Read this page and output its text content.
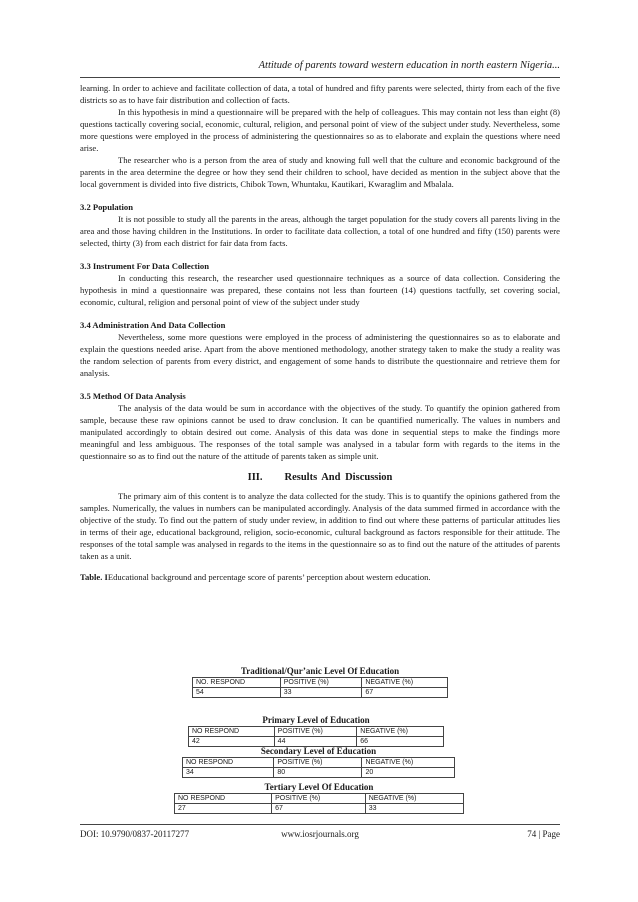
Attitude of parents toward western education in north eastern Nigeria...

learning. In order to achieve and facilitate collection of data, a total of hundred and fifty parents were selected, thirty from each of the five districts so as to have fair distribution and collection of facts.

In this hypothesis in mind a questionnaire will be prepared with the help of colleagues. This may contain not less than eight (8) questions tactically covering social, economic, cultural, religion, and personal point of view of the subject under study. Nevertheless, some more questions were employed in the process of administering the questionnaires so as to elaborate and explain the questions where need arise.

The researcher who is a person from the area of study and knowing full well that the culture and economic background of the parents in the area determine the degree or how they send their children to school, have decided as mention in the subject above that the local government is divided into five districts, Chibok Town, Whuntaku, Kautikari, Kwaraglim and Mbalala.

3.2 Population

It is not possible to study all the parents in the areas, although the target population for the study covers all parents living in the area and those having children in the Institutions. In order to facilitate data collection, a total of one hundred and fifty (150) parents were selected, thirty (3) from each district for fair data from facts.

3.3 Instrument For Data Collection

In conducting this research, the researcher used questionnaire techniques as a source of data collection. Considering the hypothesis in mind a questionnaire was prepared, these contains not less than fourteen (14) questions tactfully, set covering social, economic, cultural, religion and personal point of view of the subject under study

3.4 Administration And Data Collection

Nevertheless, some more questions were employed in the process of administering the questionnaires so as to elaborate and explain the questions needed arise. Apart from the above mentioned methodology, another strategy taken to make the study a reality was the random selection of parents from every district, and engagement of some hands to distribute the questionnaire and retrieve them for analysis.

3.5 Method Of Data Analysis

The analysis of the data would be sum in accordance with the objectives of the study. To quantify the opinion gathered from sample, because these raw opinions cannot be used to draw conclusion. It can be quantified numerically. The values in numbers and manipulated accordingly to obtain desired out come. Analysis of this data was done in sequential steps to make the findings more meaningful and less ambiguous. The responses of the total sample was analysed in a tabular form with regards to the items in the questionnaire so as to find out the nature of the attitude of parents taken as simple unit.

III. Results And Discussion

The primary aim of this content is to analyze the data collected for the study. This is to quantify the opinions gathered from the samples. Numerically, the values in numbers can be manipulated accordingly. Analysis of the data summed firmed in accordance with the objective of the study. To find out the pattern of study under review, in addition to find out where these patterns of particular attitudes lies in terms of their age, educational background, religion, socio-economic, cultural background as factors responsible for their attitude. The responses of the total sample was analysed in regards to the items in the questionnaire so as to find out the nature of the attitudes of parents taken as a unit.

Table. IEducational background and percentage score of parents’ perception about western education.

Traditional/Qur’anic Level Of Education
NO. RESPOND	POSITIVE (%)	NEGATIVE (%)
54	33	67
Primary Level of Education
NO RESPOND	POSITIVE (%)	NEGATIVE (%)
42	44	66
Secondary Level of Education
NO RESPOND	POSITIVE (%)	NEGATIVE (%)
34	80	20
Tertiary Level Of Education
NO RESPOND	POSITIVE (%)	NEGATIVE (%)
27	67	33
DOI: 10.9790/0837-20117277	www.iosrjournals.org	74 | Page
